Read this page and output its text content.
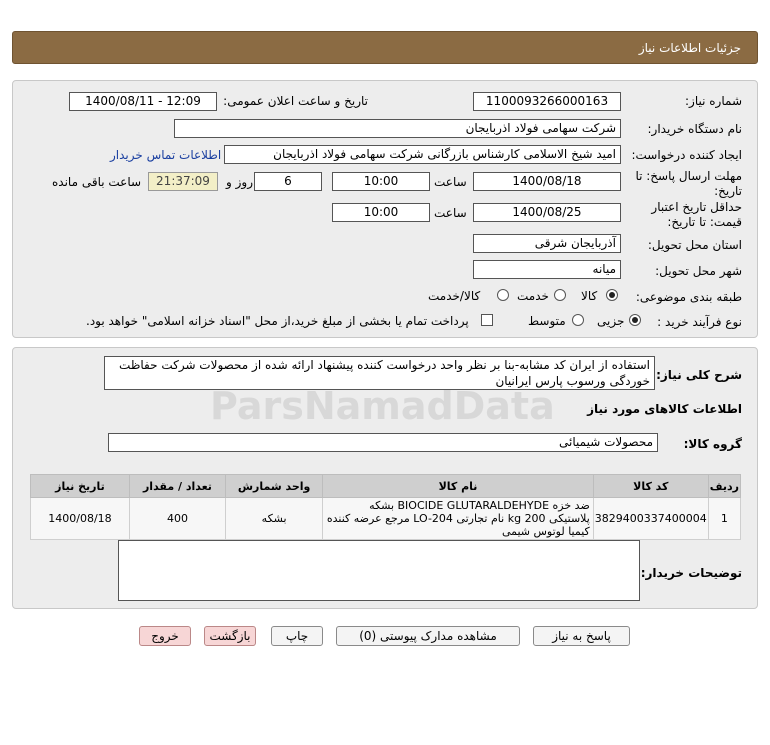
جزئیات اطلاعات نیاز
شماره نیاز:
1100093266000163
تاریخ و ساعت اعلان عمومی:
1400/08/11 - 12:09
نام دستگاه خریدار:
شرکت سهامی فولاد اذربایجان
ایجاد کننده درخواست:
امید شیخ الاسلامی کارشناس بازرگانی شرکت سهامی فولاد اذربایجان
اطلاعات تماس خریدار
مهلت ارسال پاسخ: تا
تاریخ:
1400/08/18
ساعت
10:00
6
روز و
21:37:09
ساعت باقی مانده
حداقل تاریخ اعتبار
قیمت: تا تاریخ:
1400/08/25
ساعت
10:00
استان محل تحویل:
آذربایجان شرقی
شهر محل تحویل:
میانه
طبقه بندی موضوعی:
کالا
خدمت
کالا/خدمت
نوع فرآیند خرید :
جزیی
متوسط
پرداخت تمام یا بخشی از مبلغ خرید،از محل "اسناد خزانه اسلامی" خواهد بود.
شرح کلی نیاز:
استفاده از ایران کد مشابه-بنا بر نظر واحد درخواست کننده پیشنهاد ارائه شده از محصولات شرکت حفاظت خوردگی ورسوب پارس ایرانیان
اطلاعات کالاهای مورد نیاز
گروه کالا:
محصولات شیمیائی
ردیف	کد کالا	نام کالا	واحد شمارش	تعداد / مقدار	تاریخ نیاز
1	3829400337400004	ضد خزه BIOCIDE GLUTARALDEHYDE بشکه پلاستیکی 200 kg نام تجارتی LO-204 مرجع عرضه کننده کیمیا لوتوس شیمی	بشکه	400	1400/08/18
توضیحات خریدار:
پاسخ به نیاز
مشاهده مدارک پیوستی (0)
چاپ
بازگشت
خروج
